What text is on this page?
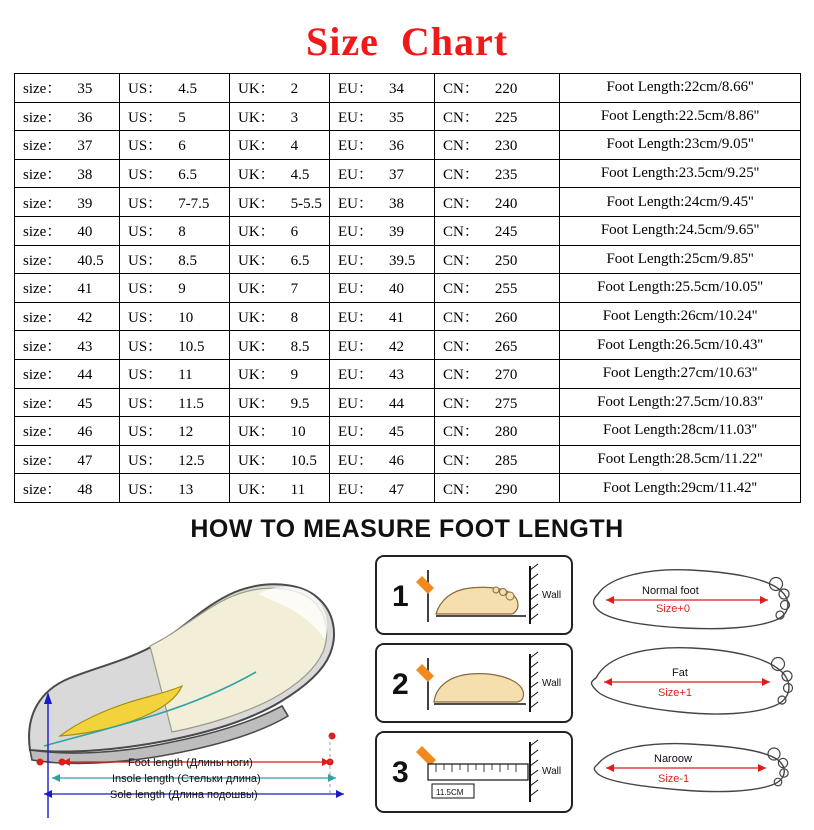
Size Chart
size： 35	US： 4.5	UK： 2	EU： 34	CN： 220	Foot Length:22cm/8.66''
size： 36	US： 5	UK： 3	EU： 35	CN： 225	Foot Length:22.5cm/8.86''
size： 37	US： 6	UK： 4	EU： 36	CN： 230	Foot Length:23cm/9.05''
size： 38	US： 6.5	UK： 4.5	EU： 37	CN： 235	Foot Length:23.5cm/9.25''
size： 39	US： 7-7.5	UK： 5-5.5	EU： 38	CN： 240	Foot Length:24cm/9.45''
size： 40	US： 8	UK： 6	EU： 39	CN： 245	Foot Length:24.5cm/9.65''
size： 40.5	US： 8.5	UK： 6.5	EU： 39.5	CN： 250	Foot Length:25cm/9.85''
size： 41	US： 9	UK： 7	EU： 40	CN： 255	Foot Length:25.5cm/10.05''
size： 42	US： 10	UK： 8	EU： 41	CN： 260	Foot Length:26cm/10.24''
size： 43	US： 10.5	UK： 8.5	EU： 42	CN： 265	Foot Length:26.5cm/10.43''
size： 44	US： 11	UK： 9	EU： 43	CN： 270	Foot Length:27cm/10.63''
size： 45	US： 11.5	UK： 9.5	EU： 44	CN： 275	Foot Length:27.5cm/10.83''
size： 46	US： 12	UK： 10	EU： 45	CN： 280	Foot Length:28cm/11.03''
size： 47	US： 12.5	UK： 10.5	EU： 46	CN： 285	Foot Length:28.5cm/11.22''
size： 48	US： 13	UK： 11	EU： 47	CN： 290	Foot Length:29cm/11.42''
HOW TO MEASURE FOOT LENGTH
Foot length (Длины ноги)
Insole length (Стельки длина)
Sole length (Длина подошвы)
1	Wall
2	Wall
3
11.5CM
Wall
Normal foot
Size+0
Fat
Size+1
Naroow
Size-1
